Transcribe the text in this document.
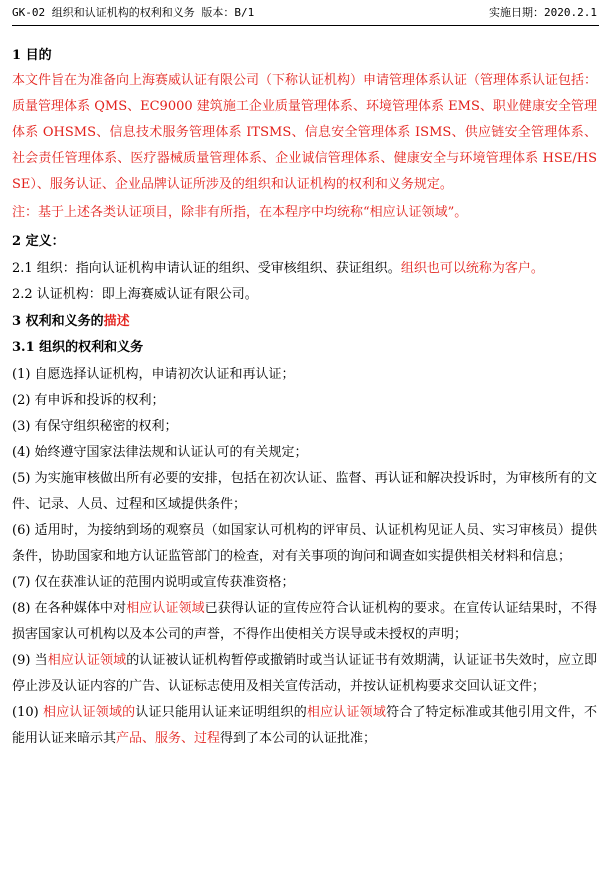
GK-02 组织和认证机构的权利和义务 版本：B/1	实施日期：2020.2.1
1 目的
本文件旨在为准备向上海赛威认证有限公司（下称认证机构）申请管理体系认证（管理体系认证包括：质量管理体系 QMS、EC9000 建筑施工企业质量管理体系、环境管理体系 EMS、职业健康安全管理体系 OHSMS、信息技术服务管理体系 ITSMS、信息安全管理体系 ISMS、供应链安全管理体系、社会责任管理体系、医疗器械质量管理体系、企业诚信管理体系、健康安全与环境管理体系 HSE/HSSE）、服务认证、企业品牌认证所涉及的组织和认证机构的权利和义务规定。
注：基于上述各类认证项目，除非有所指，在本程序中均统称“相应认证领域”。
2 定义：
2.1 组织：指向认证机构申请认证的组织、受审核组织、获证组织。组织也可以统称为客户。
2.2 认证机构：即上海赛威认证有限公司。
3 权利和义务的描述
3.1 组织的权利和义务
(1) 自愿选择认证机构，申请初次认证和再认证；
(2) 有申诉和投诉的权利；
(3) 有保守组织秘密的权利；
(4) 始终遵守国家法律法规和认证认可的有关规定；
(5) 为实施审核做出所有必要的安排，包括在初次认证、监督、再认证和解决投诉时，为审核所有的文件、记录、人员、过程和区域提供条件；
(6) 适用时，为接纳到场的观察员（如国家认可机构的评审员、认证机构见证人员、实习审核员）提供条件，协助国家和地方认证监管部门的检查，对有关事项的询问和调查如实提供相关材料和信息；
(7) 仅在获准认证的范围内说明或宣传获准资格；
(8) 在各种媒体中对相应认证领域已获得认证的宣传应符合认证机构的要求。在宣传认证结果时，不得损害国家认可机构以及本公司的声誉，不得作出使相关方误导或未授权的声明；
(9) 当相应认证领域的认证被认证机构暂停或撤销时或当认证证书有效期满，认证证书失效时，应立即停止涉及认证内容的广告、认证标志使用及相关宣传活动，并按认证机构要求交回认证文件；
(10) 相应认证领域的认证只能用认证来证明组织的相应认证领域符合了特定标准或其他引用文件，不能用认证来暗示其产品、服务、过程得到了本公司的认证批准；
